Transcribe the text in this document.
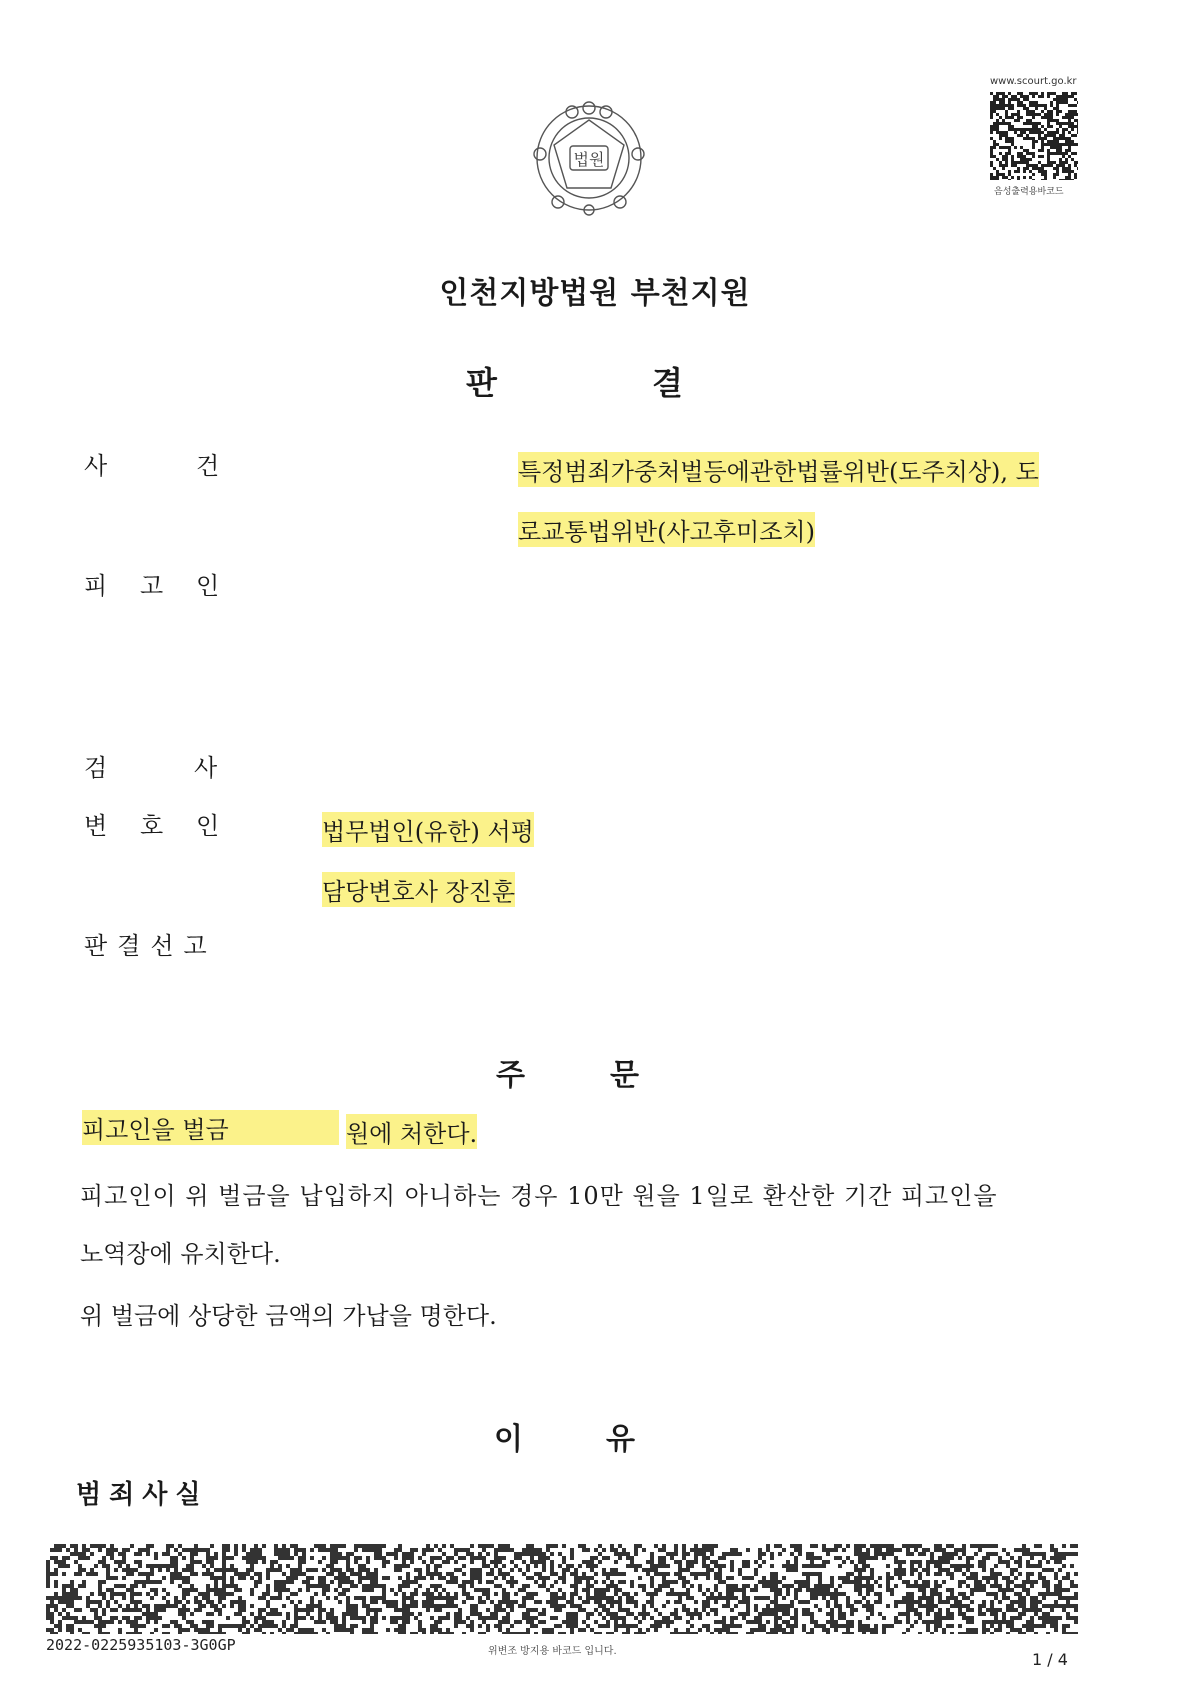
법원
www.scourt.go.kr
음성출력용바코드
인천지방법원 부천지원
판	결
사	건	특정범죄가중처벌등에관한법률위반(도주치상), 도
로교통법위반(사고후미조치)
피 고 인
검	사
변 호 인	법무법인(유한) 서평
담당변호사 장진훈
판결선고
주	문
피고인을 벌금	원에 처한다.
피고인이 위 벌금을 납입하지 아니하는 경우 10만 원을 1일로 환산한 기간 피고인을
노역장에 유치한다.
위 벌금에 상당한 금액의 가납을 명한다.
이	유
범죄사실
2022-0225935103-3G0GP	위변조 방지용 바코드 입니다.	1 / 4
